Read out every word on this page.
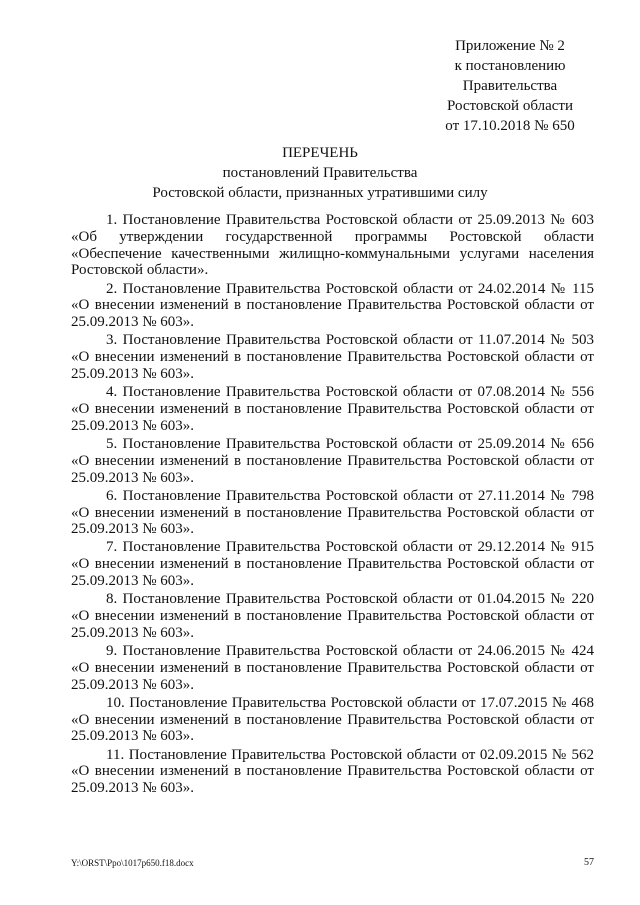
Приложение № 2
к постановлению
Правительства
Ростовской области
от 17.10.2018 № 650
ПЕРЕЧЕНЬ
постановлений Правительства
Ростовской области, признанных утратившими силу

1. Постановление Правительства Ростовской области от 25.09.2013 № 603 «Об утверждении государственной программы Ростовской области «Обеспечение качественными жилищно-коммунальными услугами населения Ростовской области».

2. Постановление Правительства Ростовской области от 24.02.2014 № 115 «О внесении изменений в постановление Правительства Ростовской области от 25.09.2013 № 603».

3. Постановление Правительства Ростовской области от 11.07.2014 № 503 «О внесении изменений в постановление Правительства Ростовской области от 25.09.2013 № 603».

4. Постановление Правительства Ростовской области от 07.08.2014 № 556 «О внесении изменений в постановление Правительства Ростовской области от 25.09.2013 № 603».

5. Постановление Правительства Ростовской области от 25.09.2014 № 656 «О внесении изменений в постановление Правительства Ростовской области от 25.09.2013 № 603».

6. Постановление Правительства Ростовской области от 27.11.2014 № 798 «О внесении изменений в постановление Правительства Ростовской области от 25.09.2013 № 603».

7. Постановление Правительства Ростовской области от 29.12.2014 № 915 «О внесении изменений в постановление Правительства Ростовской области от 25.09.2013 № 603».

8. Постановление Правительства Ростовской области от 01.04.2015 № 220 «О внесении изменений в постановление Правительства Ростовской области от 25.09.2013 № 603».

9. Постановление Правительства Ростовской области от 24.06.2015 № 424 «О внесении изменений в постановление Правительства Ростовской области от 25.09.2013 № 603».

10. Постановление Правительства Ростовской области от 17.07.2015 № 468 «О внесении изменений в постановление Правительства Ростовской области от 25.09.2013 № 603».

11. Постановление Правительства Ростовской области от 02.09.2015 № 562 «О внесении изменений в постановление Правительства Ростовской области от 25.09.2013 № 603».

Y:\ORST\Ppo\1017p650.f18.docx	57
